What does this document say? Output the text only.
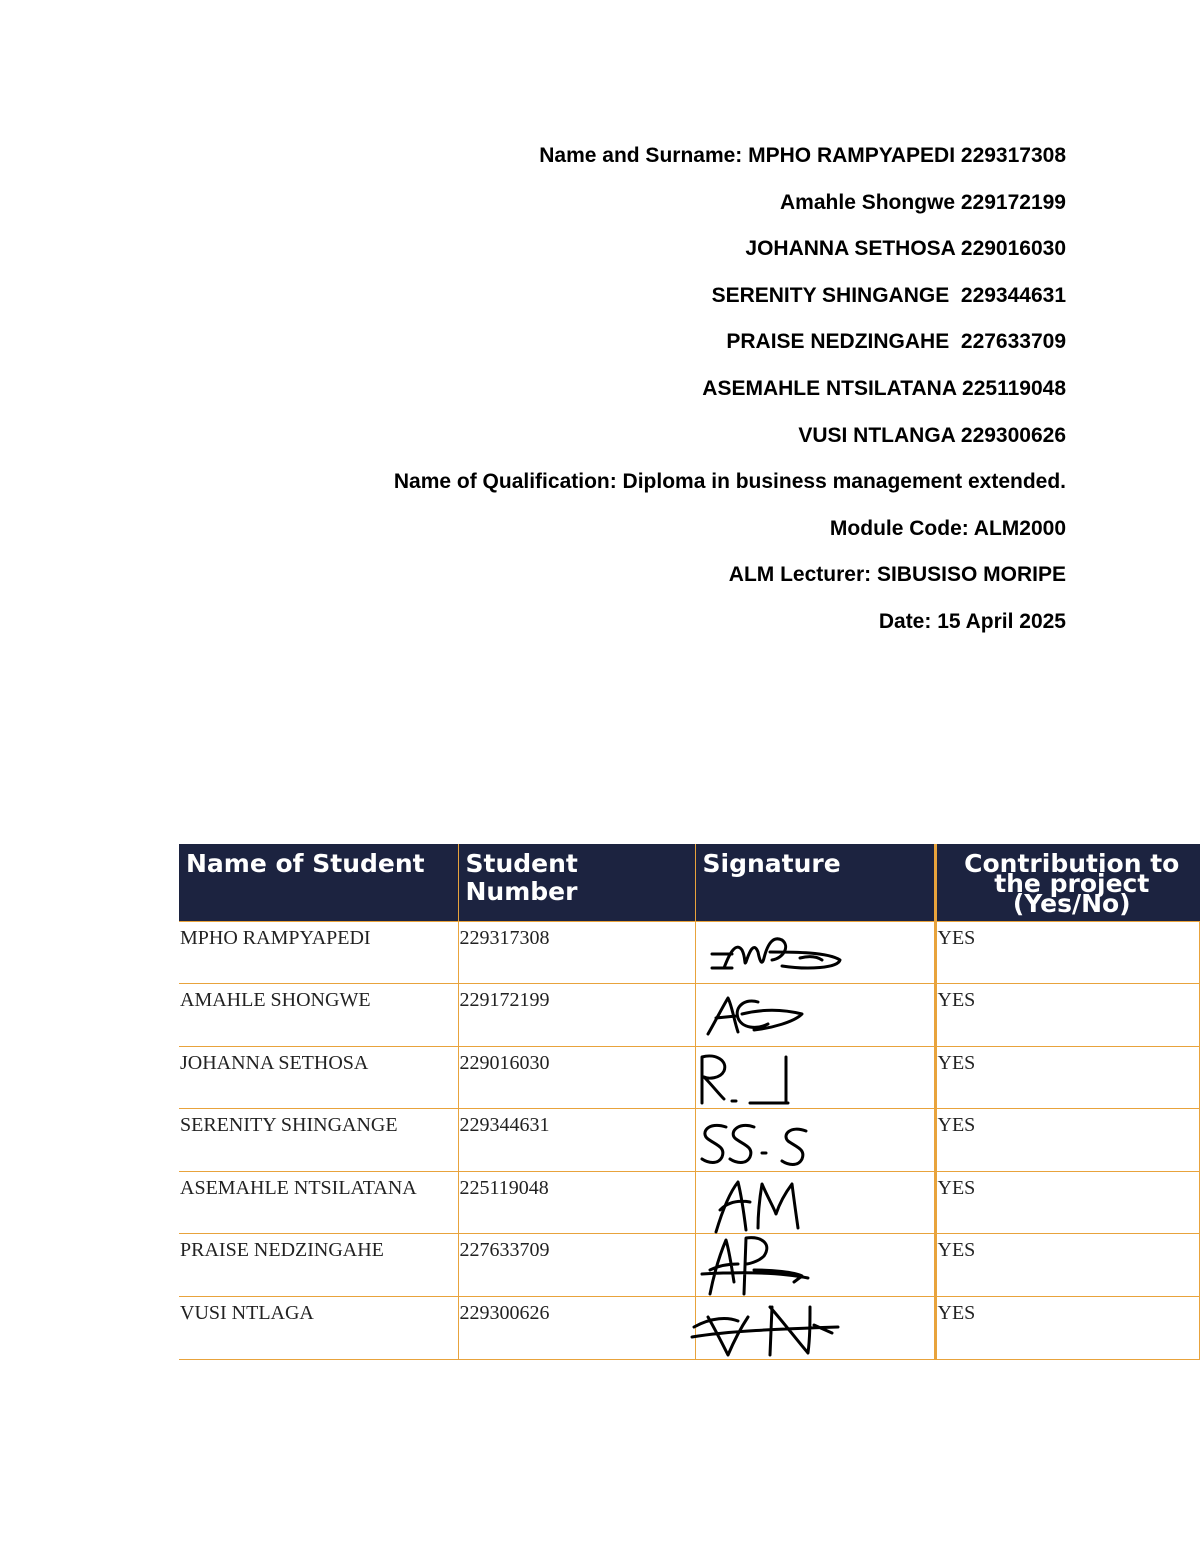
Name and Surname: MPHO RAMPYAPEDI 229317308
Amahle Shongwe 229172199
JOHANNA SETHOSA 229016030
SERENITY SHINGANGE  229344631
PRAISE NEDZINGAHE  227633709
ASEMAHLE NTSILATANA 225119048
VUSI NTLANGA 229300626
Name of Qualification: Diploma in business management extended.
Module Code: ALM2000
ALM Lecturer: SIBUSISO MORIPE
Date: 15 April 2025
Name of Student	Student Number	Signature	Contribution to the project (Yes/No)
MPHO RAMPYAPEDI	229317308		YES
AMAHLE SHONGWE	229172199		YES
JOHANNA SETHOSA	229016030		YES
SERENITY SHINGANGE	229344631		YES
ASEMAHLE NTSILATANA	225119048		YES
PRAISE NEDZINGAHE	227633709		YES
VUSI NTLAGA	229300626		YES
